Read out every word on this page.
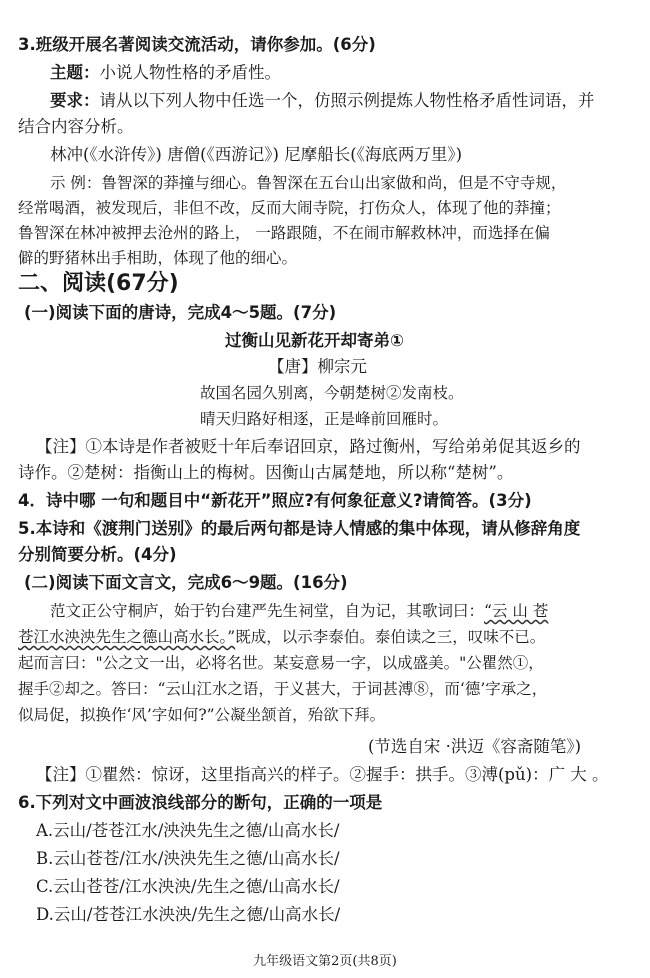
3.班级开展名著阅读交流活动，请你参加。(6分)
主题：小说人物性格的矛盾性。
要求：请从以下列人物中任选一个，仿照示例提炼人物性格矛盾性词语，并
结合内容分析。
林冲(《水浒传》) 唐僧(《西游记》) 尼摩船长(《海底两万里》)
示 例：鲁智深的莽撞与细心。鲁智深在五台山出家做和尚，但是不守寺规，
经常喝酒，被发现后，非但不改，反而大闹寺院，打伤众人，体现了他的莽撞；
鲁智深在林冲被押去沧州的路上， 一路跟随，不在闹市解救林冲，而选择在偏
僻的野猪林出手相助，体现了他的细心。
二、阅读(67分)
(一)阅读下面的唐诗，完成4～5题。(7分)
过衡山见新花开却寄弟①
【唐】柳宗元
故国名园久别离，今朝楚树②发南枝。
晴天归路好相逐，正是峰前回雁时。
【注】①本诗是作者被贬十年后奉诏回京，路过衡州，写给弟弟促其返乡的
诗作。②楚树：指衡山上的梅树。因衡山古属楚地，所以称“楚树”。
4．诗中哪 一句和题目中“新花开”照应?有何象征意义?请简答。(3分)
5.本诗和《渡荆门送别》的最后两句都是诗人情感的集中体现，请从修辞角度
分别简要分析。(4分)
(二)阅读下面文言文，完成6～9题。(16分)
范文正公守桐庐，始于钓台建严先生祠堂，自为记，其歌词曰：“云 山 苍
苍江水泱泱先生之德山高水长。”既成，以示李泰伯。泰伯读之三，叹味不已。
起而言曰："公之文一出，必将名世。某妄意易一字，以成盛美。"公瞿然①，
握手②却之。答曰：“云山江水之语，于义甚大，于词甚溥⑧，而‘德’字承之，
似局促，拟换作‘风’字如何?”公凝坐颔首，殆欲下拜。
(节选自宋 ·洪迈《容斋随笔》)
【注】①瞿然：惊讶，这里指高兴的样子。②握手：拱手。③溥(pǔ)：广 大 。
6.下列对文中画波浪线部分的断句，正确的一项是
A.云山/苍苍江水/泱泱先生之德/山高水长/
B.云山苍苍/江水/泱泱先生之德/山高水长/
C.云山苍苍/江水泱泱/先生之德/山高水长/
D.云山/苍苍江水泱泱/先生之德/山高水长/
九年级语文第2页(共8页)
